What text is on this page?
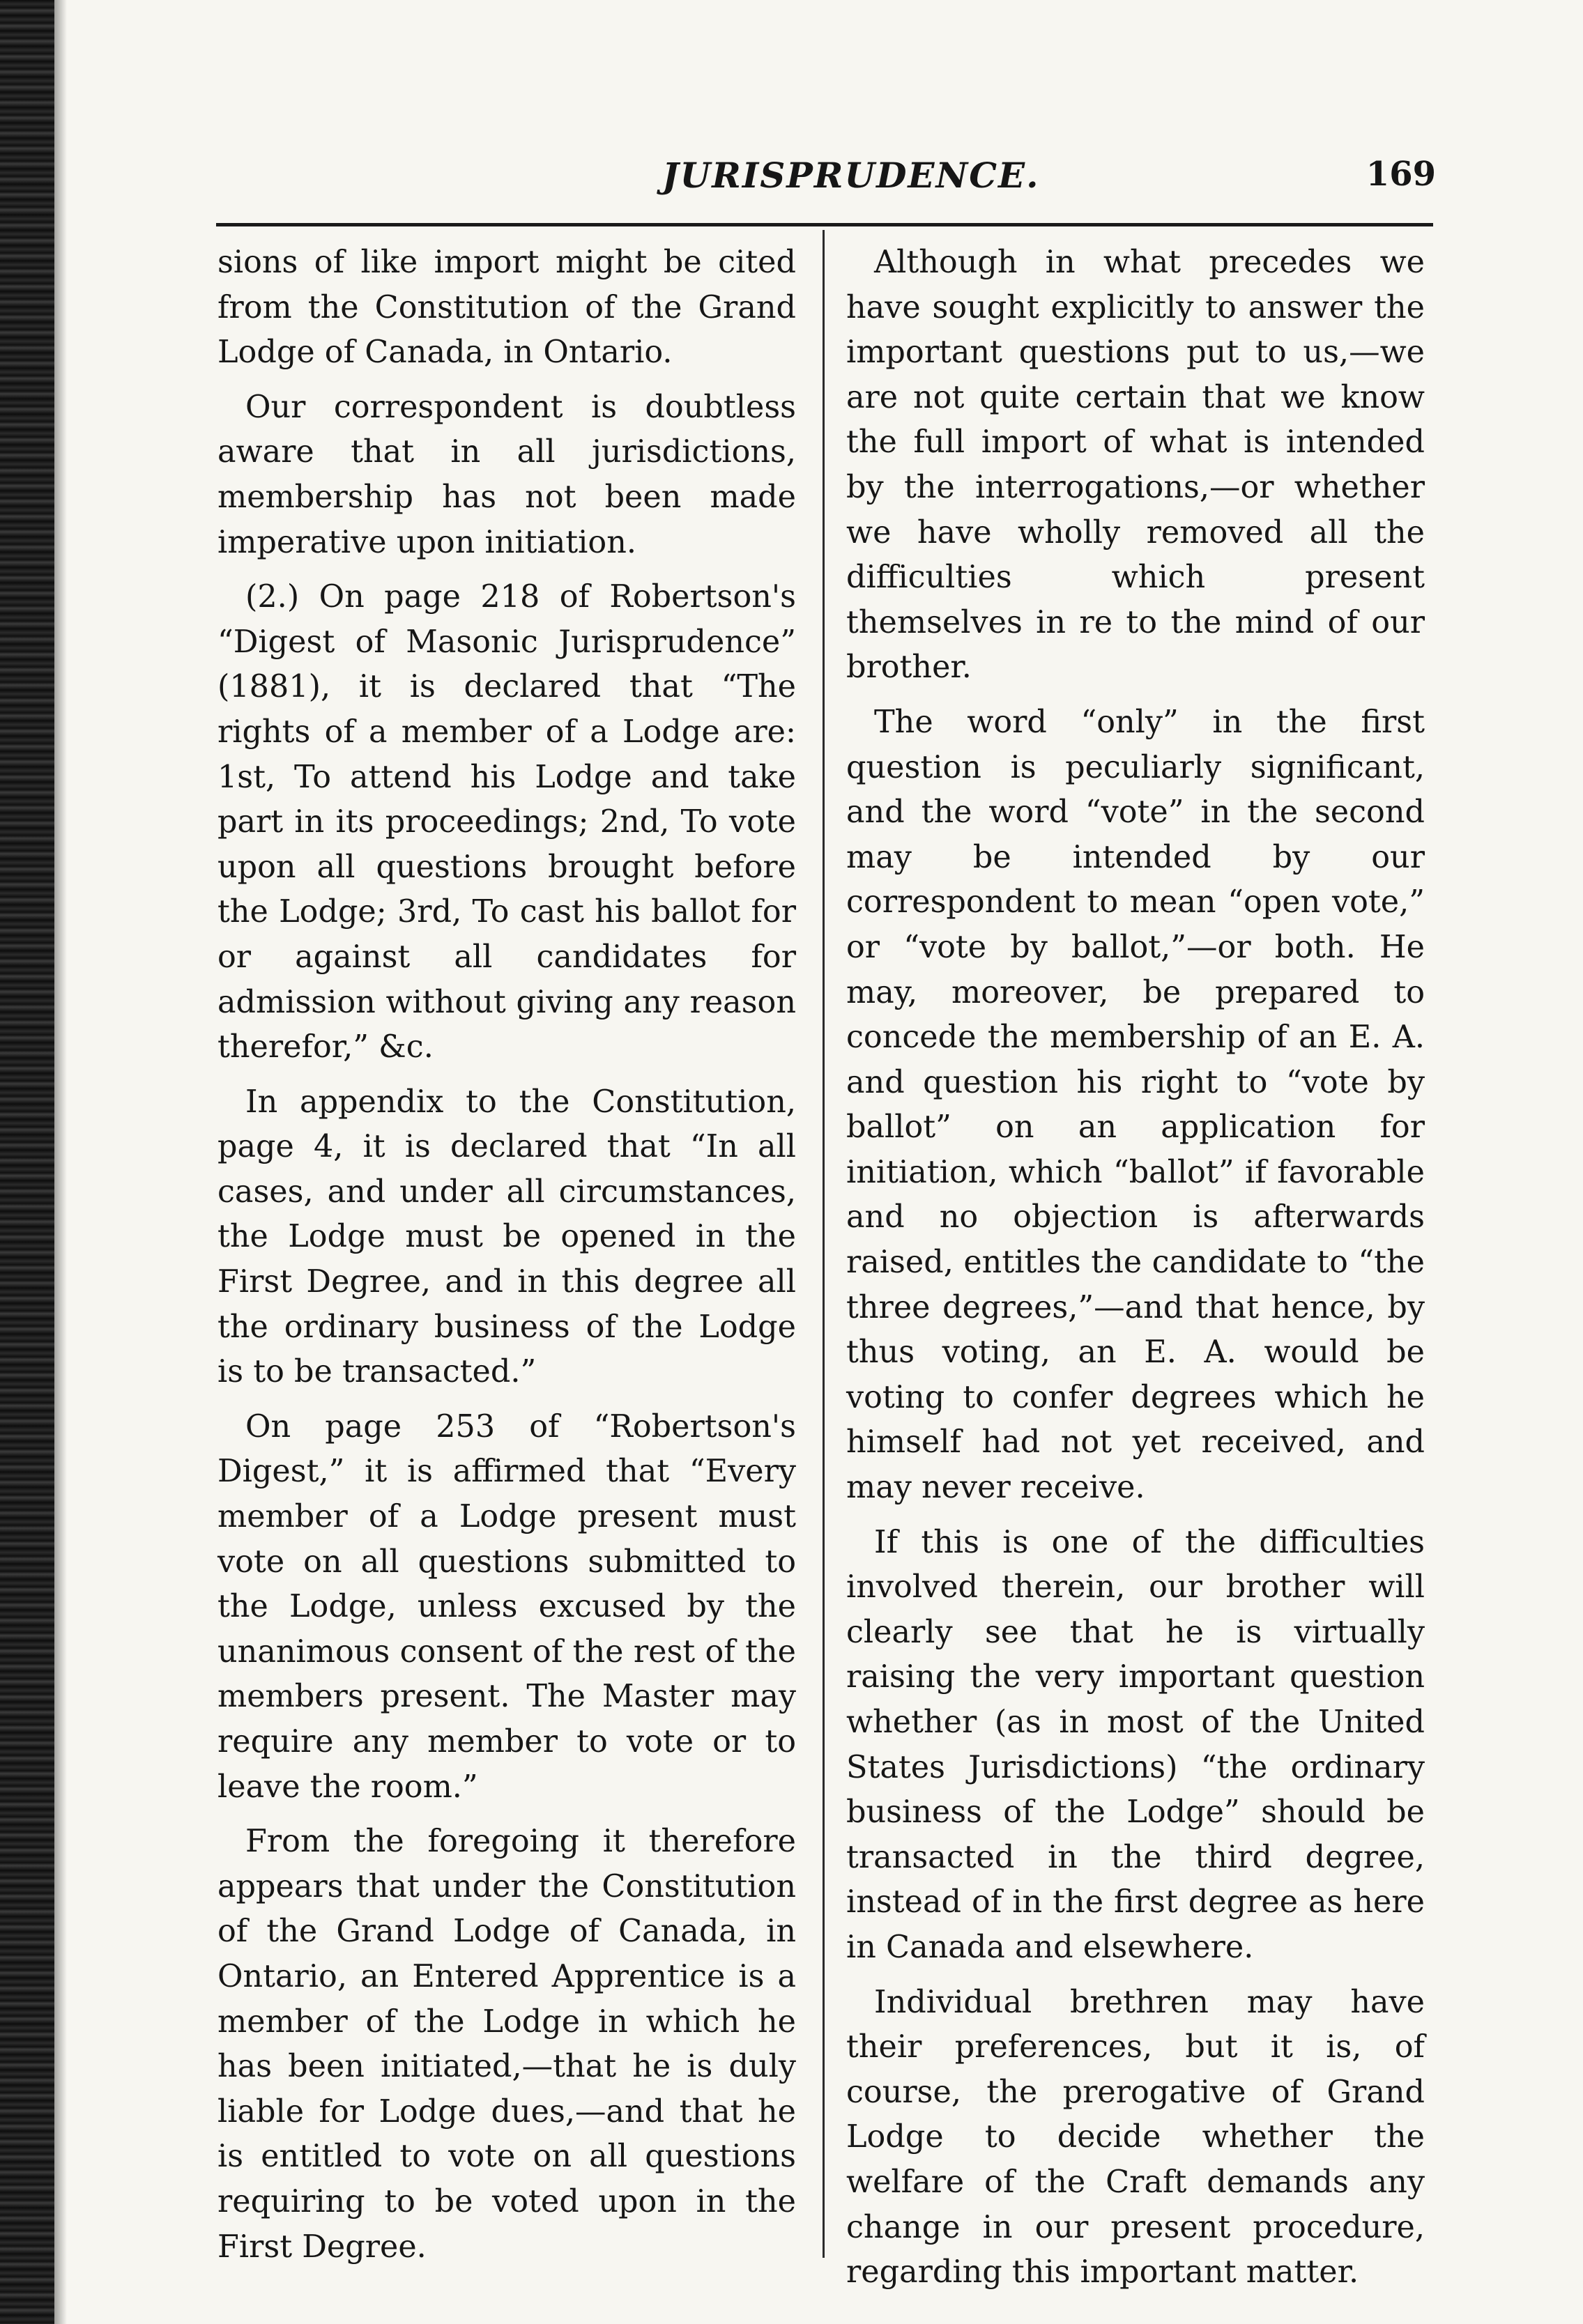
JURISPRUDENCE.	169

sions of like import might be cited from the Constitution of the Grand Lodge of Canada, in Ontario.

Our correspondent is doubtless aware that in all jurisdictions, membership has not been made imperative upon initiation.

(2.) On page 218 of Robertson's “Digest of Masonic Jurisprudence” (1881), it is declared that “The rights of a member of a Lodge are: 1st, To attend his Lodge and take part in its proceedings; 2nd, To vote upon all questions brought before the Lodge; 3rd, To cast his ballot for or against all candidates for admission without giving any reason therefor,” &c.

In appendix to the Constitution, page 4, it is declared that “In all cases, and under all circumstances, the Lodge must be opened in the First Degree, and in this degree all the ordinary business of the Lodge is to be transacted.”

On page 253 of “Robertson's Digest,” it is affirmed that “Every member of a Lodge present must vote on all questions submitted to the Lodge, unless excused by the unanimous consent of the rest of the members present. The Master may require any member to vote or to leave the room.”

From the foregoing it therefore appears that under the Constitution of the Grand Lodge of Canada, in Ontario, an Entered Apprentice is a member of the Lodge in which he has been initiated,—that he is duly liable for Lodge dues,—and that he is entitled to vote on all questions requiring to be voted upon in the First Degree.

Although in what precedes we have sought explicitly to answer the important questions put to us,—we are not quite certain that we know the full import of what is intended by the interrogations,—or whether we have wholly removed all the difficulties which present themselves in re to the mind of our brother.

The word “only” in the first question is peculiarly significant, and the word “vote” in the second may be intended by our correspondent to mean “open vote,” or “vote by ballot,”—or both. He may, moreover, be prepared to concede the membership of an E. A. and question his right to “vote by ballot” on an application for initiation, which “ballot” if favorable and no objection is afterwards raised, entitles the candidate to “the three degrees,”—and that hence, by thus voting, an E. A. would be voting to confer degrees which he himself had not yet received, and may never receive.

If this is one of the difficulties involved therein, our brother will clearly see that he is virtually raising the very important question whether (as in most of the United States Jurisdictions) “the ordinary business of the Lodge” should be transacted in the third degree, instead of in the first degree as here in Canada and elsewhere.

Individual brethren may have their preferences, but it is, of course, the prerogative of Grand Lodge to decide whether the welfare of the Craft demands any change in our present procedure, regarding this important matter.
